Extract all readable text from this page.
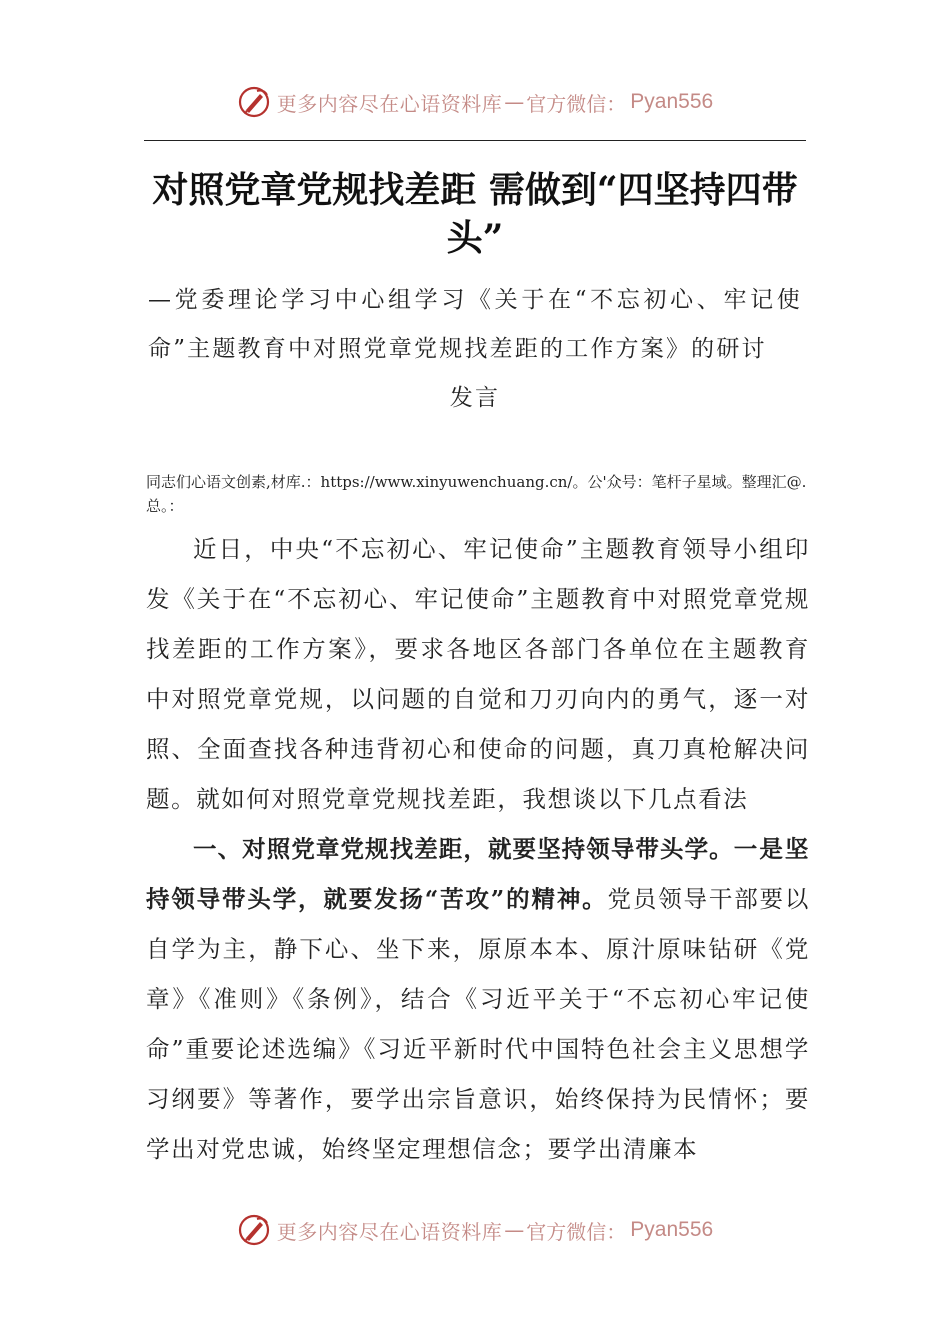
更多内容尽在心语资料库 — 官方微信： Pyan556
对照党章党规找差距 需做到“四坚持四带头”
—党委理论学习中心组学习《关于在“不忘初心、牢记使命”主题教育中对照党章党规找差距的工作方案》的研讨
发言
同志们心语文创素,材库.：https://www.xinyuwenchuang.cn/。公'众号：笔杆子星域。整理汇@.总。：

近日，中央“不忘初心、牢记使命”主题教育领导小组印发《关于在“不忘初心、牢记使命”主题教育中对照党章党规找差距的工作方案》，要求各地区各部门各单位在主题教育中对照党章党规，以问题的自觉和刀刃向内的勇气，逐一对照、全面查找各种违背初心和使命的问题，真刀真枪解决问题。就如何对照党章党规找差距，我想谈以下几点看法

一、对照党章党规找差距，就要坚持领导带头学。一是坚持领导带头学，就要发扬“苦攻”的精神。党员领导干部要以自学为主，静下心、坐下来，原原本本、原汁原味钻研《党章》《准则》《条例》，结合《习近平关于“不忘初心牢记使命”重要论述选编》《习近平新时代中国特色社会主义思想学习纲要》等著作，要学出宗旨意识，始终保持为民情怀；要学出对党忠诚，始终坚定理想信念；要学出清廉本

更多内容尽在心语资料库 — 官方微信： Pyan556
